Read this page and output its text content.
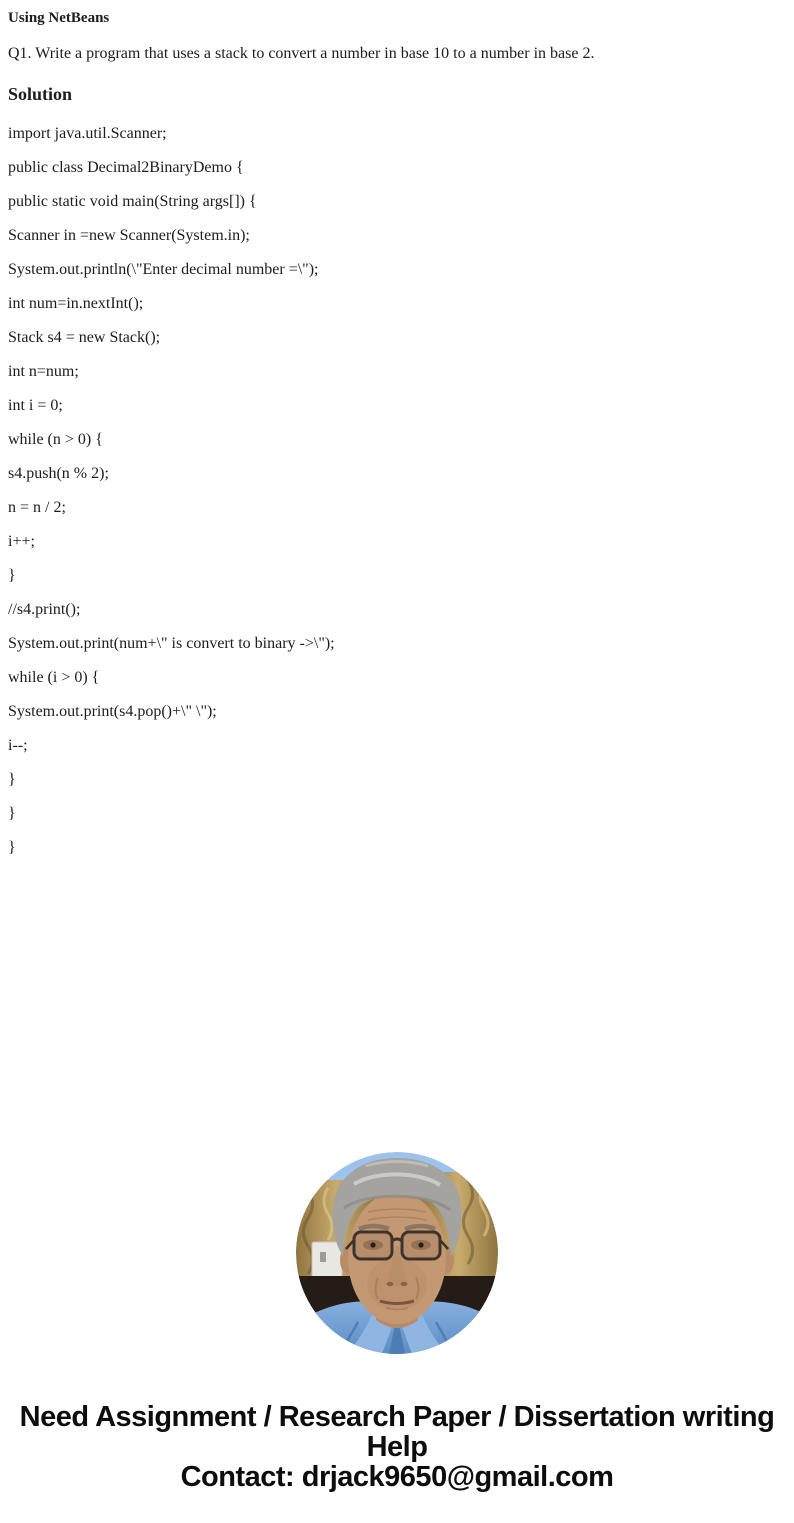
Using NetBeans

Q1. Write a program that uses a stack to convert a number in base 10 to a number in base 2.

Solution

import java.util.Scanner;

public class Decimal2BinaryDemo {

public static void main(String args[]) {

Scanner in =new Scanner(System.in);

System.out.println(\"Enter decimal number =\");

int num=in.nextInt();

Stack s4 = new Stack();

int n=num;

int i = 0;

while (n > 0) {

s4.push(n % 2);

n = n / 2;

i++;

}

//s4.print();

System.out.print(num+\" is convert to binary ->\");

while (i > 0) {

System.out.print(s4.pop()+\" \");

i--;

}

}

}

Need Assignment / Research Paper / Dissertation writing Help
Contact: drjack9650@gmail.com
